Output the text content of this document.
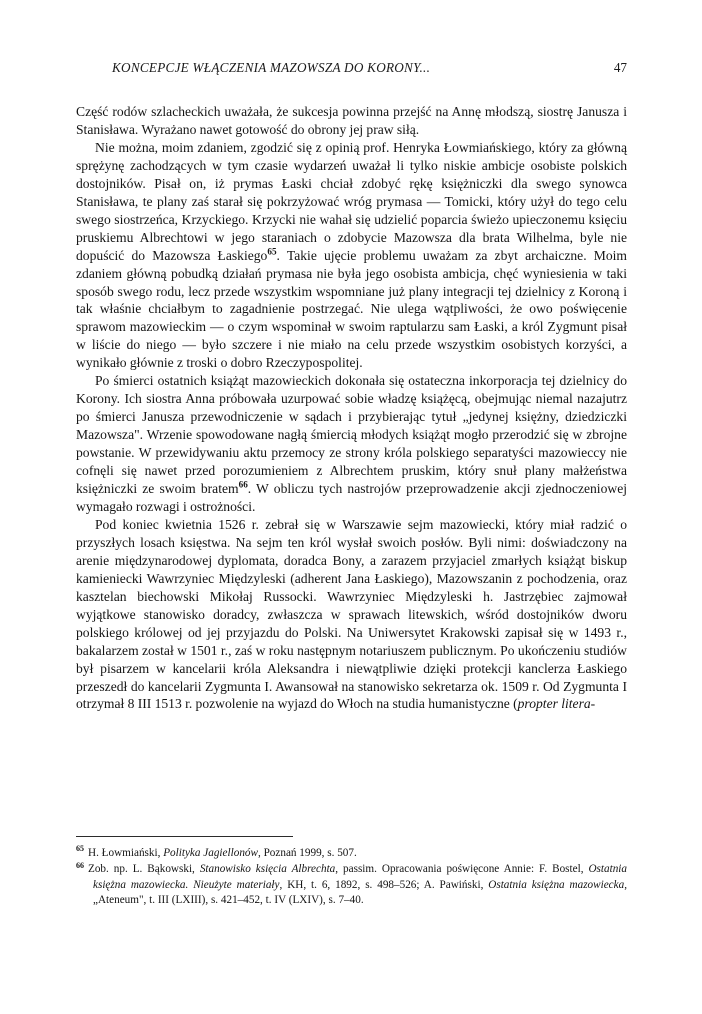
KONCEPCJE WŁĄCZENIA MAZOWSZA DO KORONY...	47

Część rodów szlacheckich uważała, że sukcesja powinna przejść na Annę młodszą, siostrę Janusza i Stanisława. Wyrażano nawet gotowość do obrony jej praw siłą.

Nie można, moim zdaniem, zgodzić się z opinią prof. Henryka Łowmiańskiego, który za główną sprężynę zachodzących w tym czasie wydarzeń uważał li tylko niskie ambicje osobiste polskich dostojników. Pisał on, iż prymas Łaski chciał zdobyć rękę księżniczki dla swego synowca Stanisława, te plany zaś starał się pokrzyżować wróg prymasa — Tomicki, który użył do tego celu swego siostrzeńca, Krzyckiego. Krzycki nie wahał się udzielić poparcia świeżo upieczonemu księciu pruskiemu Albrechtowi w jego staraniach o zdobycie Mazowsza dla brata Wilhelma, byle nie dopuścić do Mazowsza Łaskiego$^{65}$. Takie ujęcie problemu uważam za zbyt archaiczne. Moim zdaniem główną pobudką działań prymasa nie była jego osobista ambicja, chęć wyniesienia w taki sposób swego rodu, lecz przede wszystkim wspomniane już plany integracji tej dzielnicy z Koroną i tak właśnie chciałbym to zagadnienie postrzegać. Nie ulega wątpliwości, że owo poświęcenie sprawom mazowieckim — o czym wspominał w swoim raptularzu sam Łaski, a król Zygmunt pisał w liście do niego — było szczere i nie miało na celu przede wszystkim osobistych korzyści, a wynikało głównie z troski o dobro Rzeczypospolitej.

Po śmierci ostatnich książąt mazowieckich dokonała się ostateczna inkorporacja tej dzielnicy do Korony. Ich siostra Anna próbowała uzurpować sobie władzę książęcą, obejmując niemal nazajutrz po śmierci Janusza przewodniczenie w sądach i przybierając tytuł „jedynej księżny, dziedziczki Mazowsza". Wrzenie spowodowane nagłą śmiercią młodych książąt mogło przerodzić się w zbrojne powstanie. W przewidywaniu aktu przemocy ze strony króla polskiego separatyści mazowieccy nie cofnęli się nawet przed porozumieniem z Albrechtem pruskim, który snuł plany małżeństwa księżniczki ze swoim bratem$^{66}$. W obliczu tych nastrojów przeprowadzenie akcji zjednoczeniowej wymagało rozwagi i ostrożności.

Pod koniec kwietnia 1526 r. zebrał się w Warszawie sejm mazowiecki, który miał radzić o przyszłych losach księstwa. Na sejm ten król wysłał swoich posłów. Byli nimi: doświadczony na arenie międzynarodowej dyplomata, doradca Bony, a zarazem przyjaciel zmarłych książąt biskup kamieniecki Wawrzyniec Międzyleski (adherent Jana Łaskiego), Mazowszanin z pochodzenia, oraz kasztelan biechowski Mikołaj Russocki. Wawrzyniec Międzyleski h. Jastrzębiec zajmował wyjątkowe stanowisko doradcy, zwłaszcza w sprawach litewskich, wśród dostojników dworu polskiego królowej od jej przyjazdu do Polski. Na Uniwersytet Krakowski zapisał się w 1493 r., bakalarzem został w 1501 r., zaś w roku następnym notariuszem publicznym. Po ukończeniu studiów był pisarzem w kancelarii króla Aleksandra i niewątpliwie dzięki protekcji kanclerza Łaskiego przeszedł do kancelarii Zygmunta I. Awansował na stanowisko sekretarza ok. 1509 r. Od Zygmunta I otrzymał 8 III 1513 r. pozwolenie na wyjazd do Włoch na studia humanistyczne (propter litera-

$^{65}$ H. Łowmiański, Polityka Jagiellonów, Poznań 1999, s. 507.

$^{66}$ Zob. np. L. Bąkowski, Stanowisko księcia Albrechta, passim. Opracowania poświęcone Annie: F. Bostel, Ostatnia księżna mazowiecka. Nieużyte materiały, KH, t. 6, 1892, s. 498–526; A. Pawiński, Ostatnia księżna mazowiecka, „Ateneum", t. III (LXIII), s. 421–452, t. IV (LXIV), s. 7–40.
